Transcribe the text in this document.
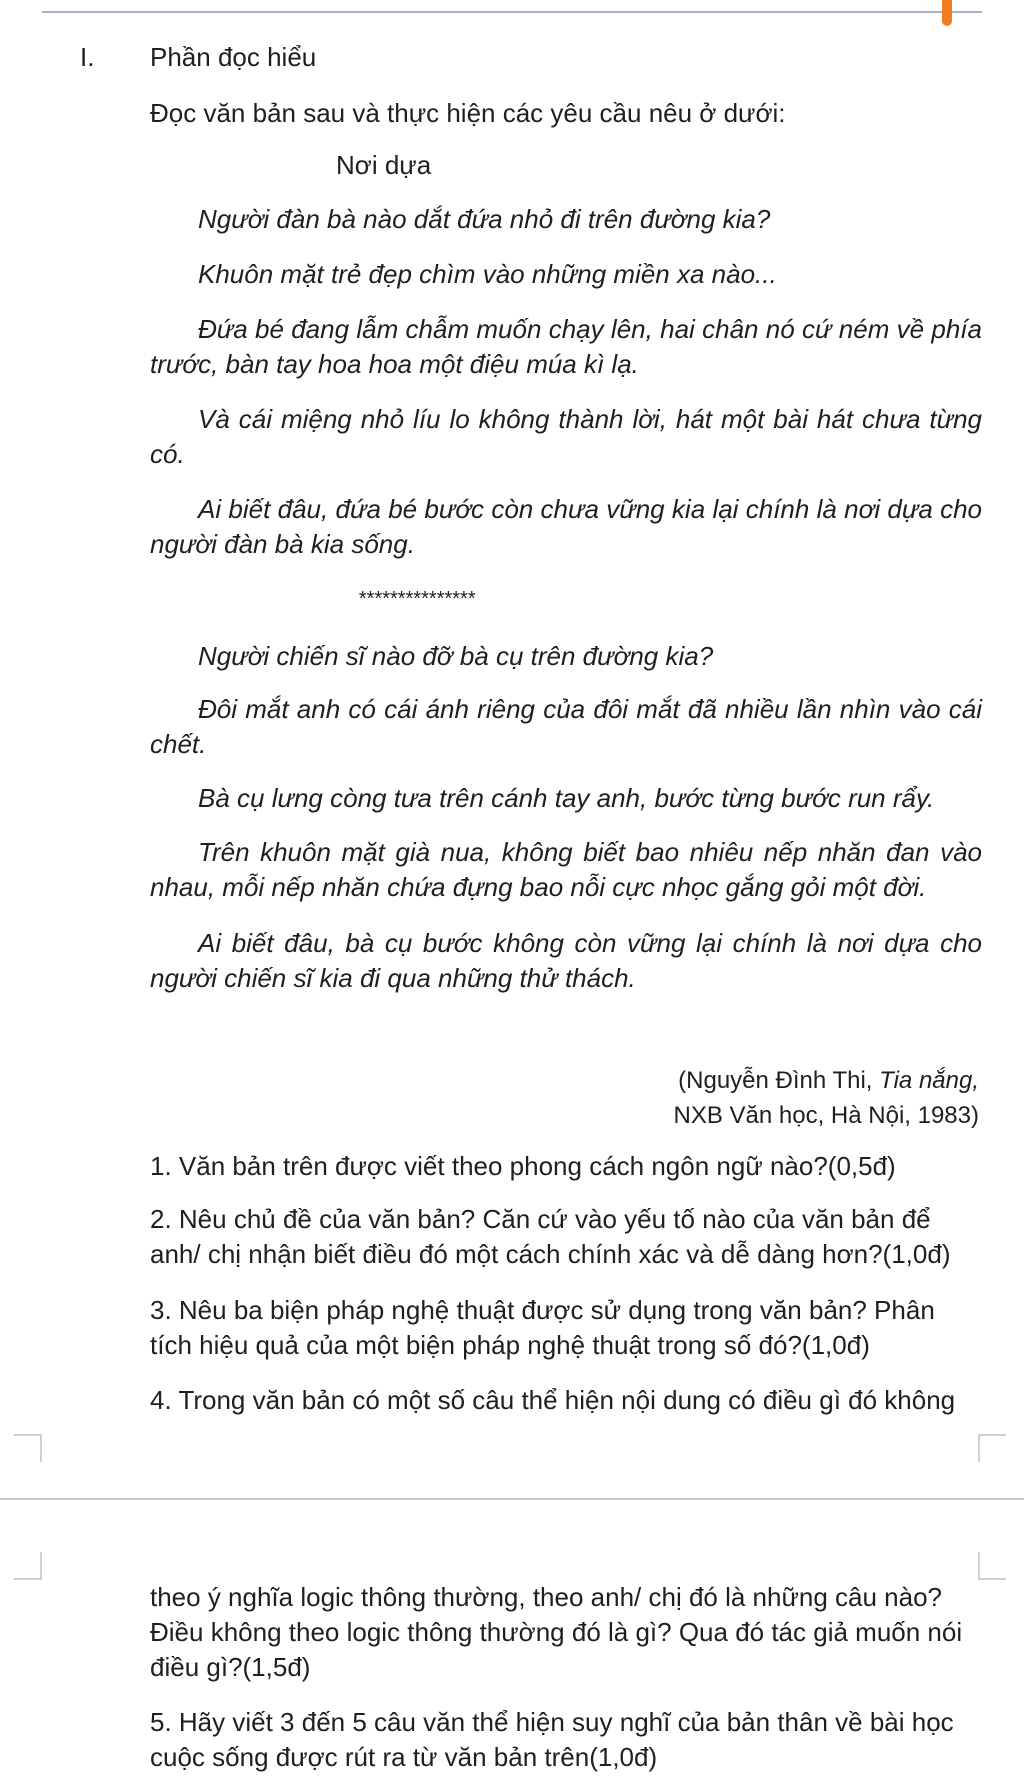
I. Phần đọc hiểu
Đọc văn bản sau và thực hiện các yêu cầu nêu ở dưới:
Nơi dựa
Người đàn bà nào dắt đứa nhỏ đi trên đường kia?
Khuôn mặt trẻ đẹp chìm vào những miền xa nào...
Đứa bé đang lẫm chẫm muốn chạy lên, hai chân nó cứ ném về phía trước, bàn tay hoa hoa một điệu múa kì lạ.
Và cái miệng nhỏ líu lo không thành lời, hát một bài hát chưa từng có.
Ai biết đâu, đứa bé bước còn chưa vững kia lại chính là nơi dựa cho người đàn bà kia sống.
***************
Người chiến sĩ nào đỡ bà cụ trên đường kia?
Đôi mắt anh có cái ánh riêng của đôi mắt đã nhiều lần nhìn vào cái chết.
Bà cụ lưng còng tưa trên cánh tay anh, bước từng bước run rẩy.
Trên khuôn mặt già nua, không biết bao nhiêu nếp nhăn đan vào nhau, mỗi nếp nhăn chứa đựng bao nỗi cực nhọc gắng gỏi một đời.
Ai biết đâu, bà cụ bước không còn vững lại chính là nơi dựa cho người chiến sĩ kia đi qua những thử thách.
(Nguyễn Đình Thi, Tia nắng,
NXB Văn học, Hà Nội, 1983)
1. Văn bản trên được viết theo phong cách ngôn ngữ nào?(0,5đ)
2. Nêu chủ đề của văn bản? Căn cứ vào yếu tố nào của văn bản để anh/ chị nhận biết điều đó một cách chính xác và dễ dàng hơn?(1,0đ)
3. Nêu ba biện pháp nghệ thuật được sử dụng trong văn bản? Phân tích hiệu quả của một biện pháp nghệ thuật trong số đó?(1,0đ)
4. Trong văn bản có một số câu thể hiện nội dung có điều gì đó không
theo ý nghĩa logic thông thường, theo anh/ chị đó là những câu nào? Điều không theo logic thông thường đó là gì? Qua đó tác giả muốn nói điều gì?(1,5đ)
5. Hãy viết 3 đến 5 câu văn thể hiện suy nghĩ của bản thân về bài học cuộc sống được rút ra từ văn bản trên(1,0đ)
